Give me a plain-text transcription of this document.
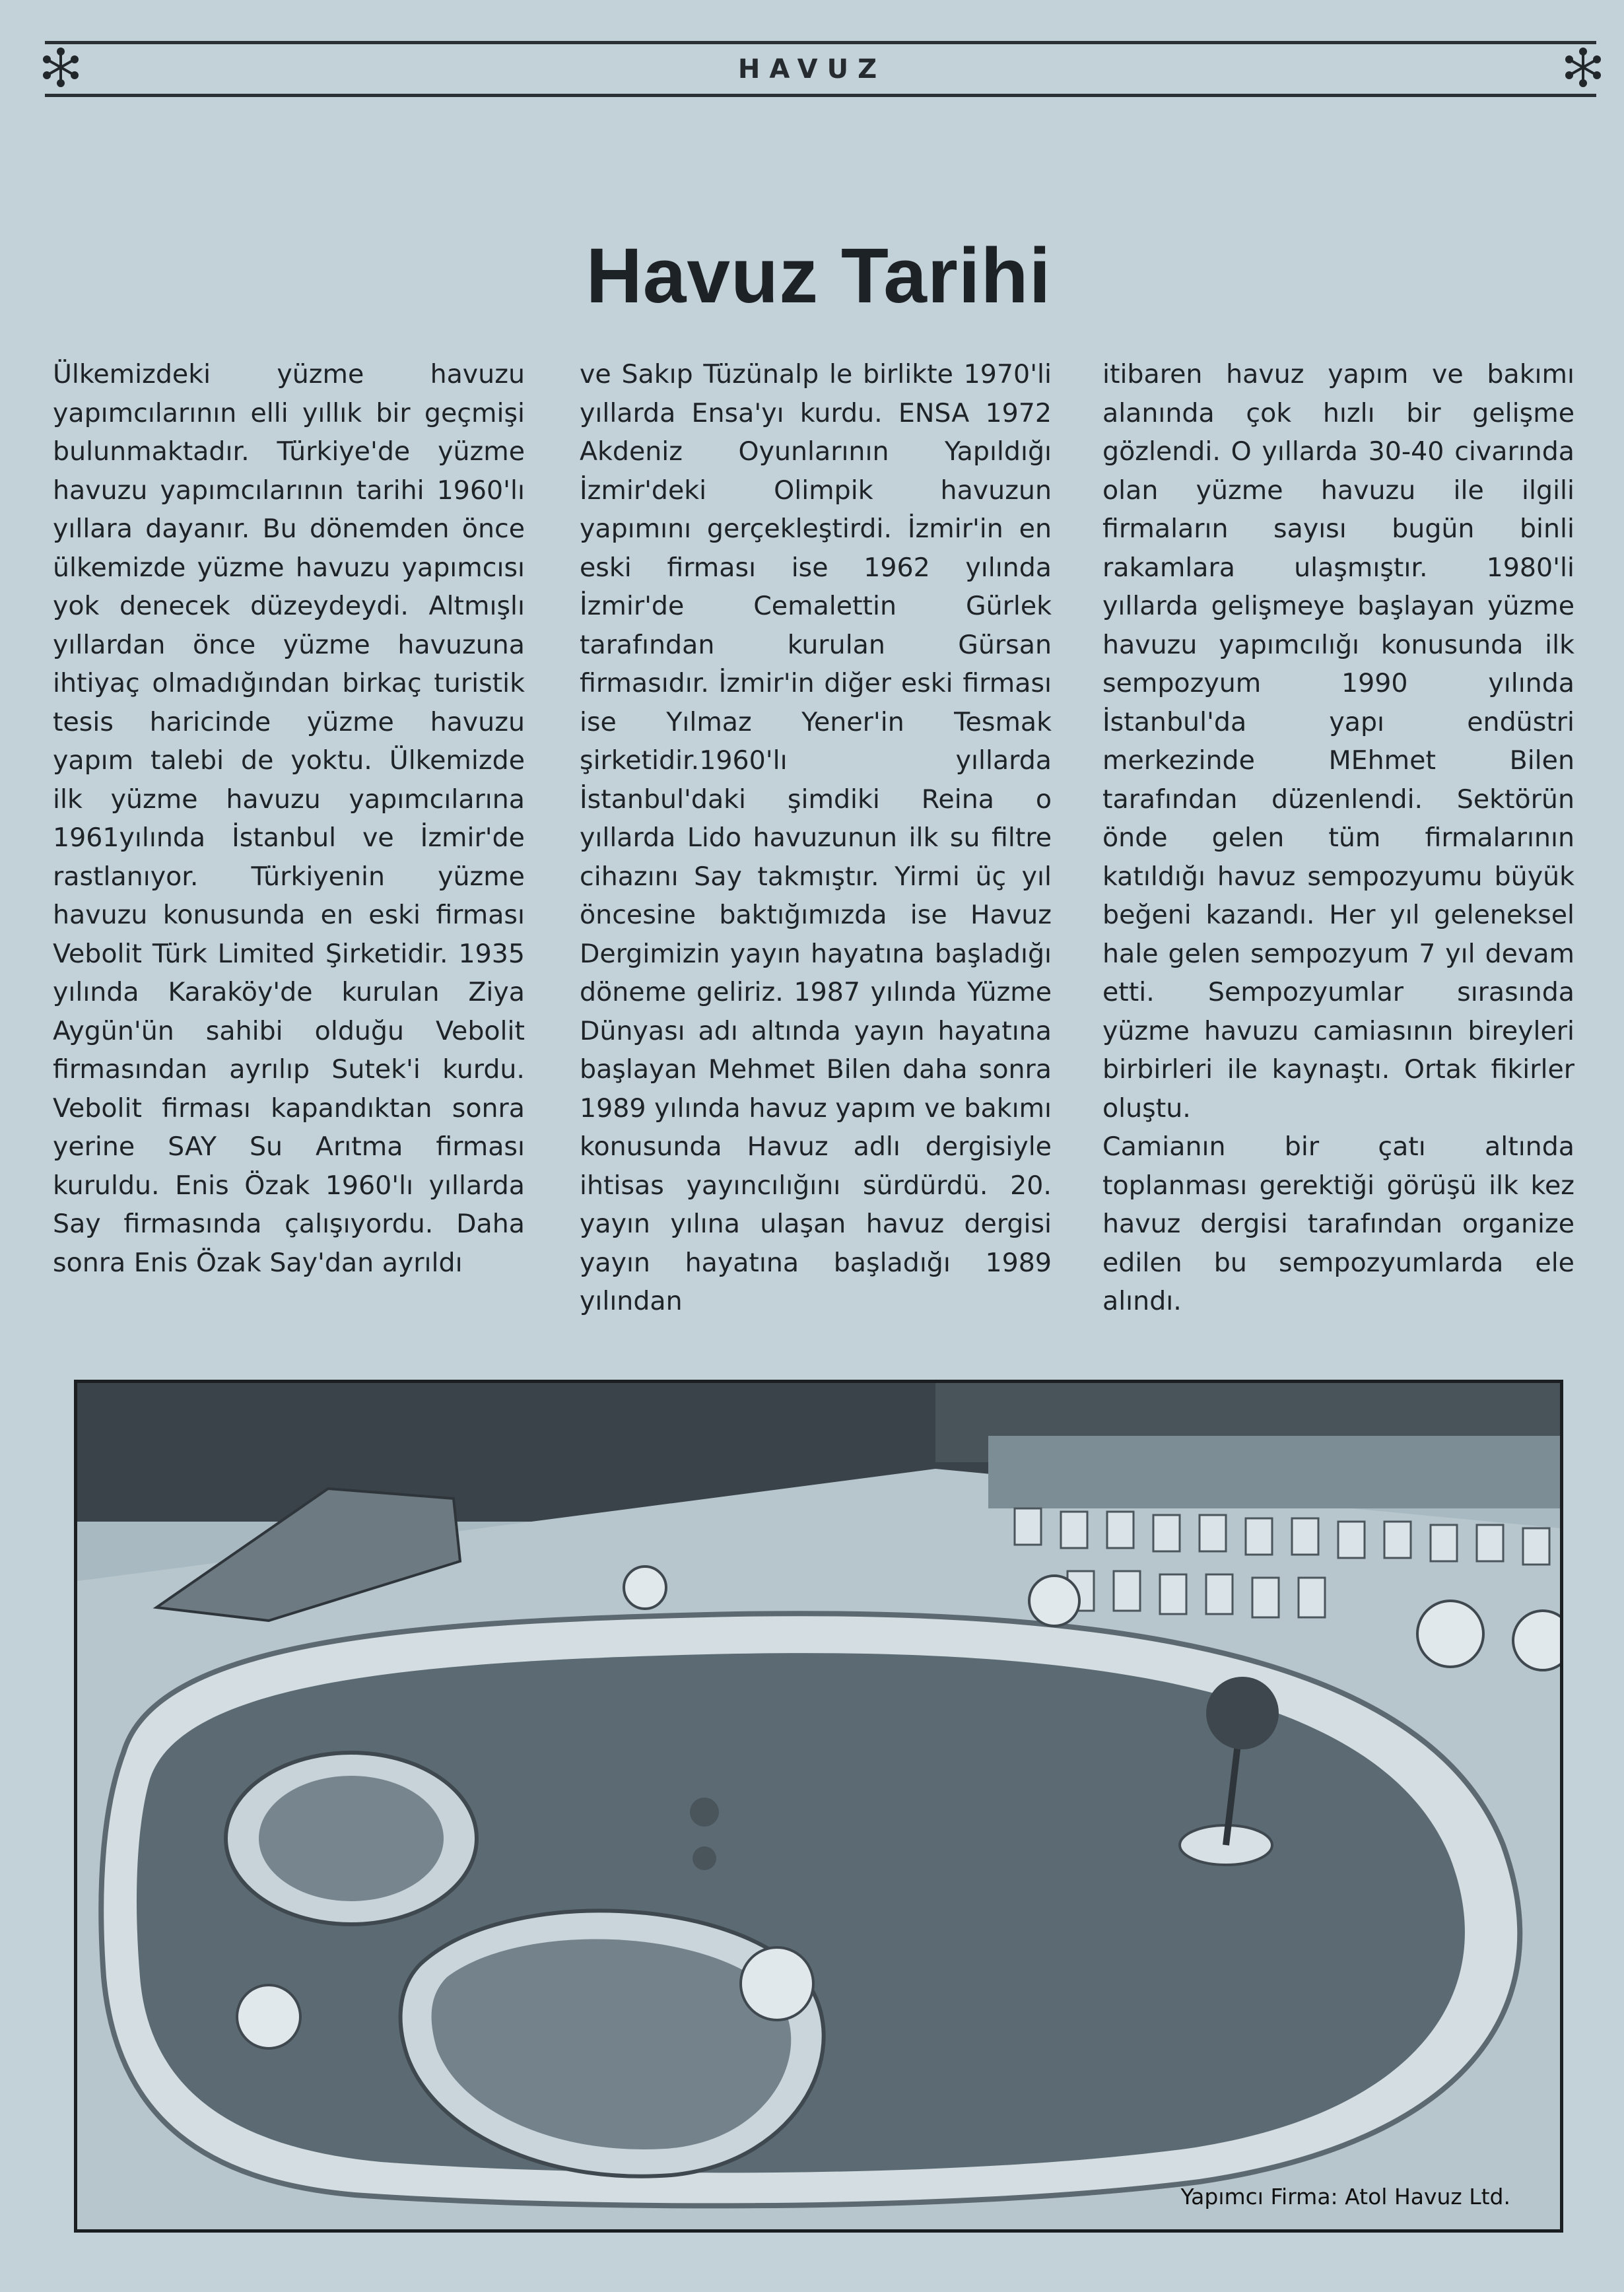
HAVUZ
Havuz Tarihi

Ülkemizdeki yüzme havuzu yapımcılarının elli yıllık bir geçmişi bulunmaktadır. Türkiye'de yüzme havuzu yapımcılarının tarihi 1960'lı yıllara dayanır. Bu dönemden önce ülkemizde yüzme havuzu yapımcısı yok denecek düzeydeydi. Altmışlı yıllardan önce yüzme havuzuna ihtiyaç olmadığından birkaç turistik tesis haricinde yüzme havuzu yapım talebi de yoktu. Ülkemizde ilk yüzme havuzu yapımcılarına 1961yılında İstanbul ve İzmir'de rastlanıyor. Türkiyenin yüzme havuzu konusunda en eski firması Vebolit Türk Limited Şirketidir. 1935 yılında Karaköy'de kurulan Ziya Aygün'ün sahibi olduğu Vebolit firmasından ayrılıp Sutek'i kurdu. Vebolit firması kapandıktan sonra yerine SAY Su Arıtma firması kuruldu. Enis Özak 1960'lı yıllarda Say firmasında çalışıyordu. Daha sonra Enis Özak Say'dan ayrıldı

ve Sakıp Tüzünalp le birlikte 1970'li yıllarda Ensa'yı kurdu. ENSA 1972 Akdeniz Oyunlarının Yapıldığı İzmir'deki Olimpik havuzun yapımını gerçekleştirdi. İzmir'in en eski firması ise 1962 yılında İzmir'de Cemalettin Gürlek tarafından kurulan Gürsan firmasıdır. İzmir'in diğer eski firması ise Yılmaz Yener'in Tesmak şirketidir.1960'lı yıllarda İstanbul'daki şimdiki Reina o yıllarda Lido havuzunun ilk su filtre cihazını Say takmıştır. Yirmi üç yıl öncesine baktığımızda ise Havuz Dergimizin yayın hayatına başladığı döneme geliriz. 1987 yılında Yüzme Dünyası adı altında yayın hayatına başlayan Mehmet Bilen daha sonra 1989 yılında havuz yapım ve bakımı konusunda Havuz adlı dergisiyle ihtisas yayıncılığını sürdürdü. 20. yayın yılına ulaşan havuz dergisi yayın hayatına başladığı 1989 yılından

itibaren havuz yapım ve bakımı alanında çok hızlı bir gelişme gözlendi. O yıllarda 30-40 civarında olan yüzme havuzu ile ilgili firmaların sayısı bugün binli rakamlara ulaşmıştır. 1980'li yıllarda gelişmeye başlayan yüzme havuzu yapımcılığı konusunda ilk sempozyum 1990 yılında İstanbul'da yapı endüstri merkezinde MEhmet Bilen tarafından düzenlendi. Sektörün önde gelen tüm firmalarının katıldığı havuz sempozyumu büyük beğeni kazandı. Her yıl geleneksel hale gelen sempozyum 7 yıl devam etti. Sempozyumlar sırasında yüzme havuzu camiasının bireyleri birbirleri ile kaynaştı. Ortak fikirler oluştu.
Camianın bir çatı altında toplanması gerektiği görüşü ilk kez havuz dergisi tarafından organize edilen bu sempozyumlarda ele alındı.

Yapımcı Firma: Atol Havuz Ltd.
